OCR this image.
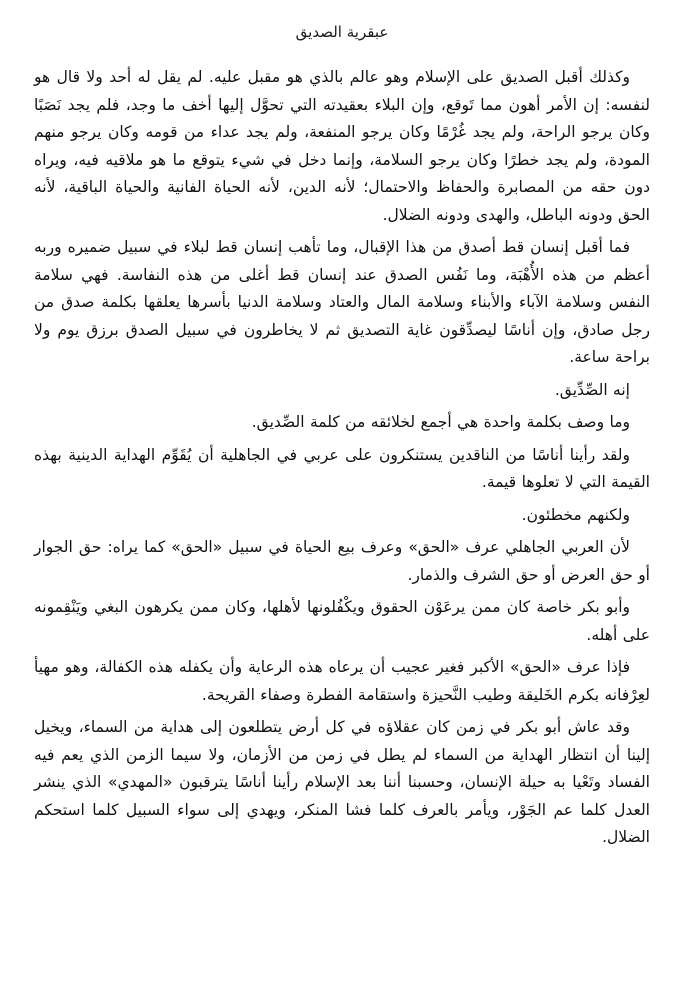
عبقرية الصديق

وكذلك أقبل الصديق على الإسلام وهو عالم بالذي هو مقبل عليه. لم يقل له أحد ولا قال هو لنفسه: إن الأمر أهون مما تَوقع، وإن البلاء بعقيدته التي تحوَّل إليها أخف ما وجد، فلم يجد نَصَبًا وكان يرجو الراحة، ولم يجد غُرْمًا وكان يرجو المنفعة، ولم يجد عداء من قومه وكان يرجو منهم المودة، ولم يجد خطرًا وكان يرجو السلامة، وإنما دخل في شيء يتوقع ما هو ملاقيه فيه، ويراه دون حقه من المصابرة والحفاظ والاحتمال؛ لأنه الدين، لأنه الحياة الفانية والحياة الباقية، لأنه الحق ودونه الباطل، والهدى ودونه الضلال.

فما أقبل إنسان قط أصدق من هذا الإقبال، وما تأهب إنسان قط لبلاء في سبيل ضميره وربه أعظم من هذه الأُهْبَة، وما نَفُس الصدق عند إنسان قط أغلى من هذه النفاسة. فهي سلامة النفس وسلامة الآباء والأبناء وسلامة المال والعتاد وسلامة الدنيا بأسرها يعلقها بكلمة صدق من رجل صادق، وإن أناسًا ليصدِّقون غاية التصديق ثم لا يخاطرون في سبيل الصدق برزق يوم ولا براحة ساعة.

إنه الصِّدِّيق.

وما وصف بكلمة واحدة هي أجمع لخلائقه من كلمة الصِّديق.

ولقد رأينا أناسًا من الناقدين يستنكرون على عربي في الجاهلية أن يُقَوِّم الهداية الدينية بهذه القيمة التي لا تعلوها قيمة.

ولكنهم مخطئون.

لأن العربي الجاهلي عرف «الحق» وعرف بيع الحياة في سبيل «الحق» كما يراه: حق الجوار أو حق العرض أو حق الشرف والذمار.

وأبو بكر خاصة كان ممن يرعَوْن الحقوق ويكْفُلونها لأهلها، وكان ممن يكرهون البغي ويَنْقِمونه على أهله.

فإذا عرف «الحق» الأكبر فغير عجيب أن يرعاه هذه الرعاية وأن يكفله هذه الكفالة، وهو مهيأ لعِرْفانه بكرم الخَليقة وطيب النَّحيزة واستقامة الفطرة وصفاء القريحة.

وقد عاش أبو بكر في زمن كان عقلاؤه في كل أرض يتطلعون إلى هداية من السماء، ويخيل إلينا أن انتظار الهداية من السماء لم يطل في زمن من الأزمان، ولا سيما الزمن الذي يعم فيه الفساد وتَعْيا به حيلة الإنسان، وحسبنا أننا بعد الإسلام رأينا أناسًا يترقبون «المهدي» الذي ينشر العدل كلما عم الجَوْر، ويأمر بالعرف كلما فشا المنكر، ويهدي إلى سواء السبيل كلما استحكم الضلال.
